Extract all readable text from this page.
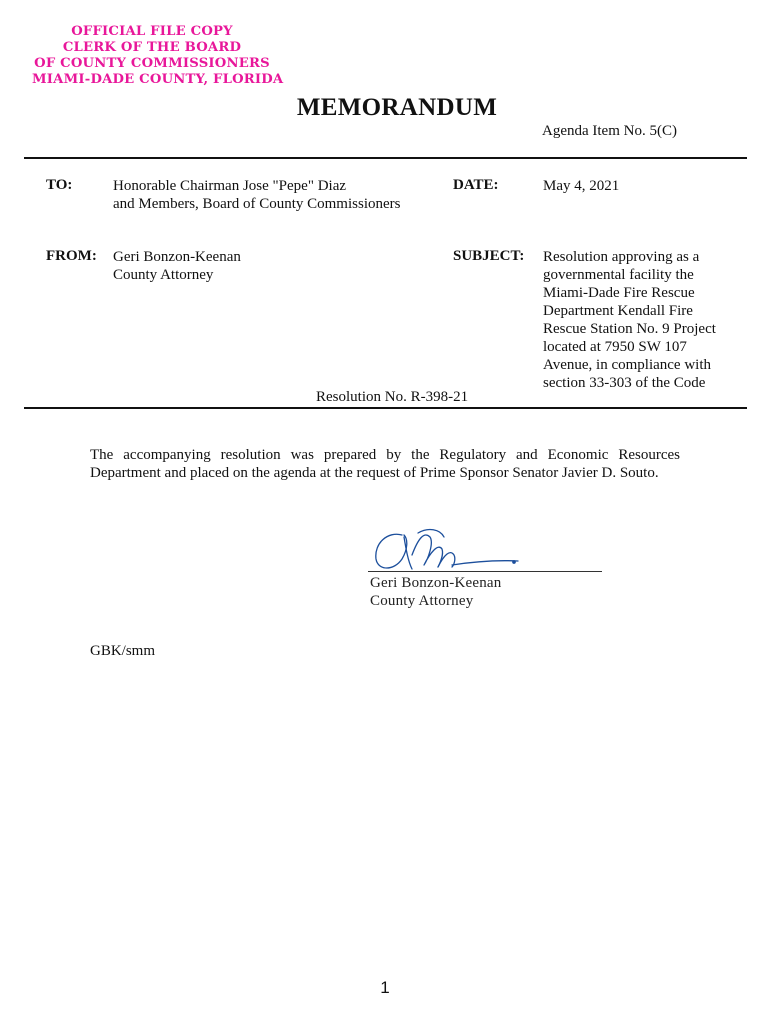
OFFICIAL FILE COPY
CLERK OF THE BOARD
OF COUNTY COMMISSIONERS
MIAMI-DADE COUNTY, FLORIDA
MEMORANDUM
Agenda Item No. 5(C)
TO:	Honorable Chairman Jose "Pepe" Diaz
and Members, Board of County Commissioners
DATE:	May 4, 2021
FROM: Geri Bonzon-Keenan
County Attorney
SUBJECT: Resolution approving as a
governmental facility the
Miami-Dade Fire Rescue
Department Kendall Fire
Rescue Station No. 9 Project
located at 7950 SW 107
Avenue, in compliance with
section 33-303 of the Code
Resolution No. R-398-21
The accompanying resolution was prepared by the Regulatory and Economic Resources
Department and placed on the agenda at the request of Prime Sponsor Senator Javier D. Souto.
Geri Bonzon-Keenan
County Attorney
GBK/smm
1
